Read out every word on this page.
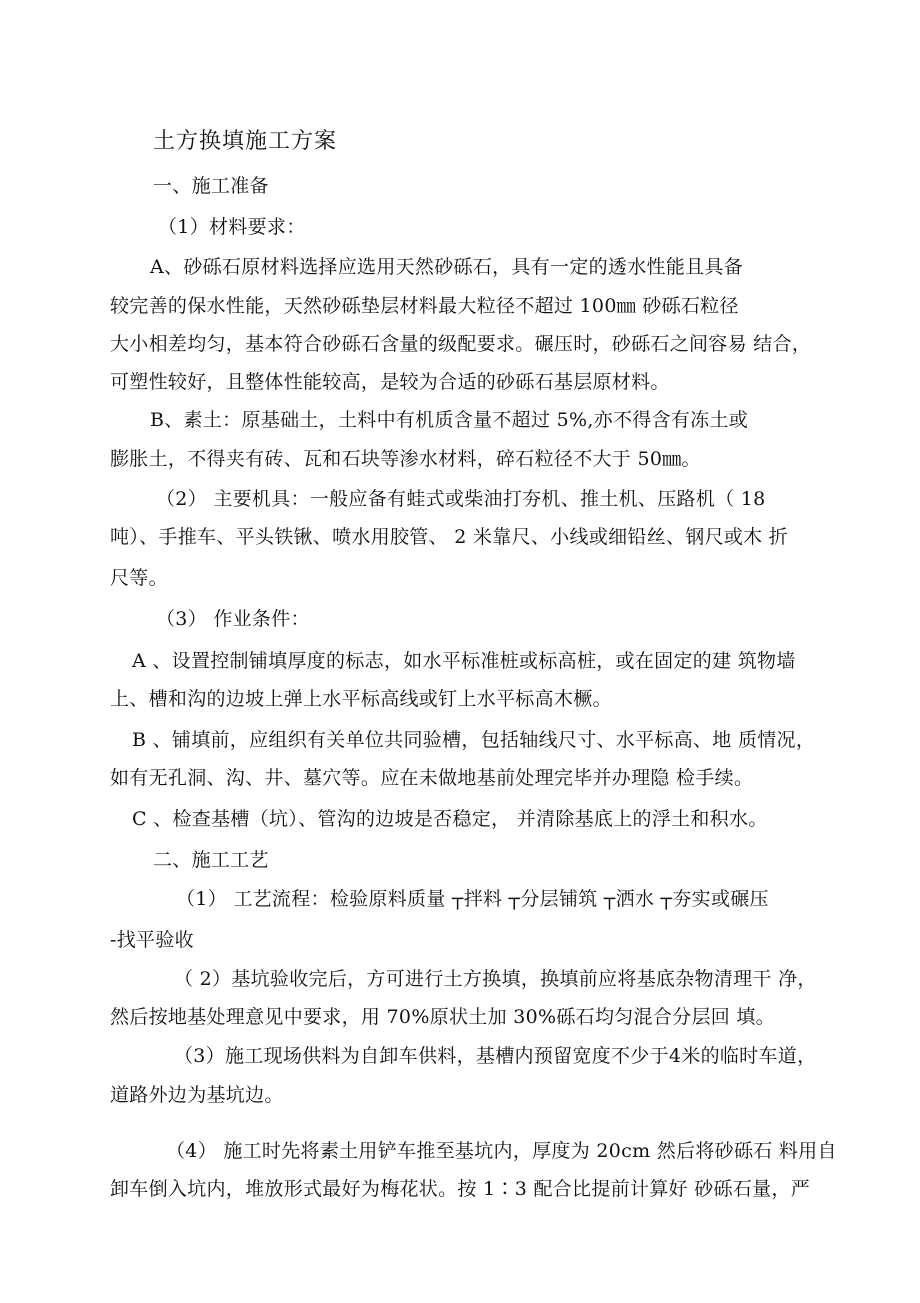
土方换填施工方案
一、施工准备
（1）材料要求：
A、砂砾石原材料选择应选用天然砂砾石，具有一定的透水性能且具备
较完善的保水性能，天然砂砾垫层材料最大粒径不超过 100㎜ 砂砾石粒径
大小相差均匀，基本符合砂砾石含量的级配要求。碾压时，砂砾石之间容易 结合，
可塑性较好，且整体性能较高，是较为合适的砂砾石基层原材料。
B、素土：原基础土，土料中有机质含量不超过 5%,亦不得含有冻土或
膨胀土，不得夹有砖、瓦和石块等渗水材料，碎石粒径不大于 50㎜。
（2） 主要机具：一般应备有蛙式或柴油打夯机、推土机、压路机（ 18
吨）、手推车、平头铁锹、喷水用胶管、 2 米靠尺、小线或细铅丝、钢尺或木 折
尺等。
（3） 作业条件：
A 、设置控制铺填厚度的标志，如水平标准桩或标高桩，或在固定的建 筑物墙
上、槽和沟的边坡上弹上水平标高线或钉上水平标高木橛。
B 、铺填前，应组织有关单位共同验槽，包括轴线尺寸、水平标高、地 质情况，
如有无孔洞、沟、井、墓穴等。应在未做地基前处理完毕并办理隐 检手续。
C 、检查基槽（坑）、管沟的边坡是否稳定， 并清除基底上的浮土和积水。
二、施工工艺
（1） 工艺流程：检验原料质量 ┬拌料 ┬分层铺筑 ┬洒水 ┬夯实或碾压
-找平验收
（ 2）基坑验收完后，方可进行土方换填，换填前应将基底杂物清理干 净，
然后按地基处理意见中要求，用 70%原状土加 30%砾石均匀混合分层回 填。
（3）施工现场供料为自卸车供料，基槽内预留宽度不少于4米的临时车道，
道路外边为基坑边。
（4） 施工时先将素土用铲车推至基坑内，厚度为 20cm 然后将砂砾石 料用自
卸车倒入坑内，堆放形式最好为梅花状。按 1∶3 配合比提前计算好 砂砾石量，严
